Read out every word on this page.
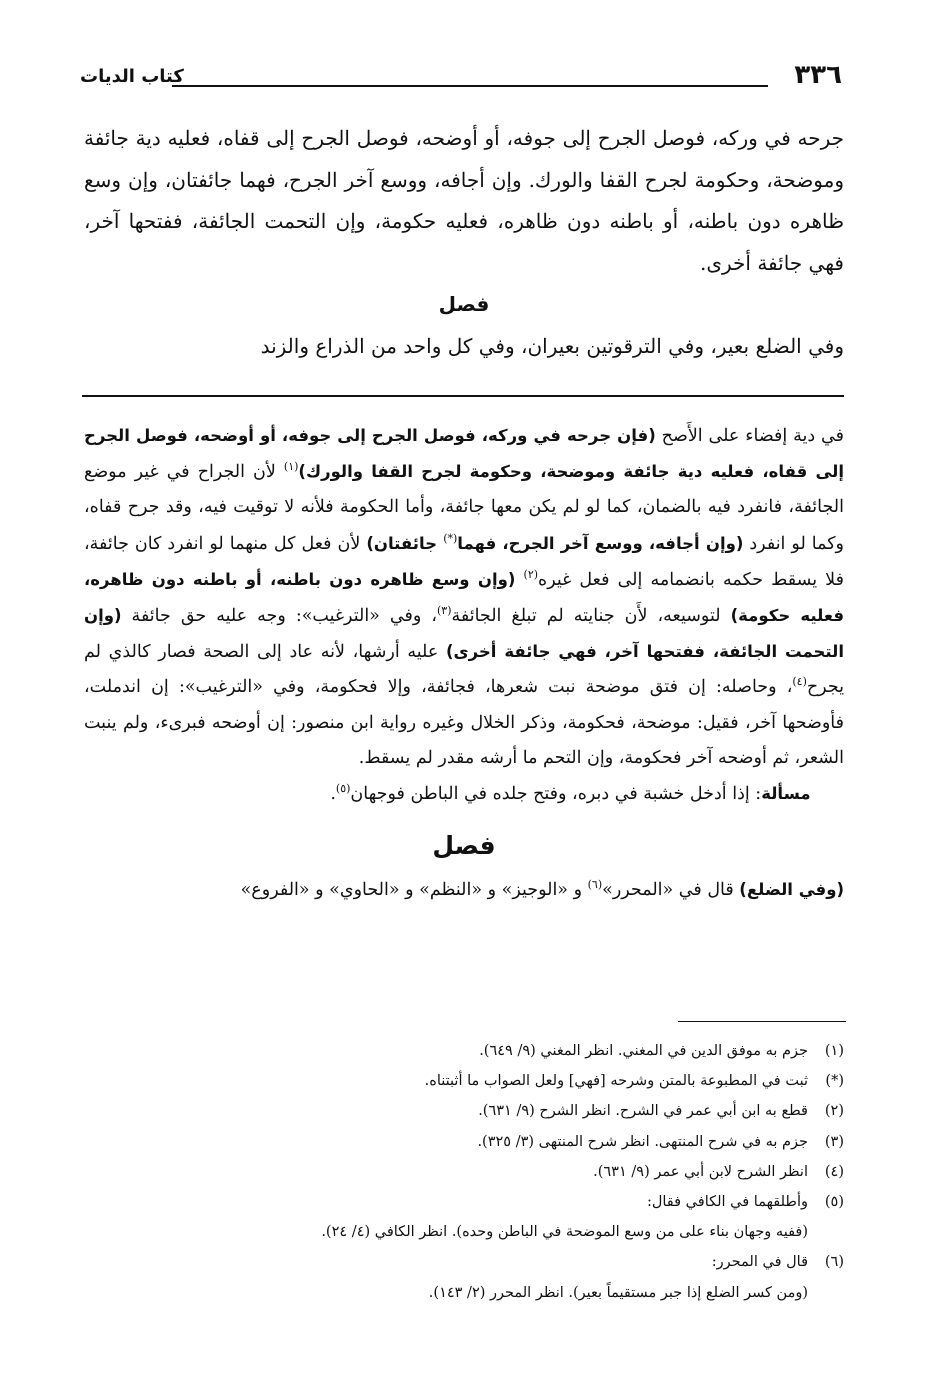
٣٣٦
كتاب الديات

جرحه في وركه، فوصل الجرح إلى جوفه، أو أوضحه، فوصل الجرح إلى قفاه، فعليه دية جائفة وموضحة، وحكومة لجرح القفا والورك. وإن أجافه، ووسع آخر الجرح، فهما جائفتان، وإن وسع ظاهره دون باطنه، أو باطنه دون ظاهره، فعليه حكومة، وإن التحمت الجائفة، ففتحها آخر، فهي جائفة أخرى.

فصل

وفي الضلع بعير، وفي الترقوتين بعيران، وفي كل واحد من الذراع والزند

في دية إفضاء على الأَصح (فإن جرحه في وركه، فوصل الجرح إلى جوفه، أو أوضحه، فوصل الجرح إلى قفاه، فعليه دية جائفة وموضحة، وحكومة لجرح القفا والورك)$^{(١)}$ لأن الجراح في غير موضع الجائفة، فانفرد فيه بالضمان، كما لو لم يكن معها جائفة، وأما الحكومة فلأنه لا توقيت فيه، وقد جرح قفاه، وكما لو انفرد (وإن أجافه، ووسع آخر الجرح، فهما(*) جائفتان) لأن فعل كل منهما لو انفرد كان جائفة، فلا يسقط حكمه بانضمامه إلى فعل غيره$^{(٢)}$ (وإن وسع ظاهره دون باطنه، أو باطنه دون ظاهره، فعليه حكومة) لتوسيعه، لأَن جنايته لم تبلغ الجائفة$^{(٣)}$، وفي «الترغيب»: وجه عليه حق جائفة (وإن التحمت الجائفة، ففتحها آخر، فهي جائفة أخرى) عليه أرشها، لأنه عاد إلى الصحة فصار كالذي لم يجرح$^{(٤)}$، وحاصله: إن فتق موضحة نبت شعرها، فجائفة، وإلا فحكومة، وفي «الترغيب»: إن اندملت، فأوضحها آخر، فقيل: موضحة، فحكومة، وذكر الخلال وغيره رواية ابن منصور: إن أوضحه فبرىء، ولم ينبت الشعر، ثم أوضحه آخر فحكومة، وإن التحم ما أرشه مقدر لم يسقط.

مسألة: إذا أدخل خشبة في دبره، وفتح جلده في الباطن فوجهان$^{(٥)}$.

فصل

(وفي الضلع) قال في «المحرر»$^{(٦)}$ و «الوجيز» و «النظم» و «الحاوي» و «الفروع»

(١)جزم به موفق الدين في المغني. انظر المغني (٩/ ٦٤٩).

(*)ثبت في المطبوعة بالمتن وشرحه [فهي] ولعل الصواب ما أثبتناه.

(٢)قطع به ابن أبي عمر في الشرح. انظر الشرح (٩/ ٦٣١).

(٣)جزم به في شرح المنتهى. انظر شرح المنتهى (٣/ ٣٢٥).

(٤)انظر الشرح لابن أبي عمر (٩/ ٦٣١).

(٥)وأطلقهما في الكافي فقال:

(ففيه وجهان بناء على من وسع الموضحة في الباطن وحده). انظر الكافي (٤/ ٢٤).

(٦)قال في المحرر:

(ومن كسر الضلع إذا جبر مستقيماً بعير). انظر المحرر (٢/ ١٤٣).
